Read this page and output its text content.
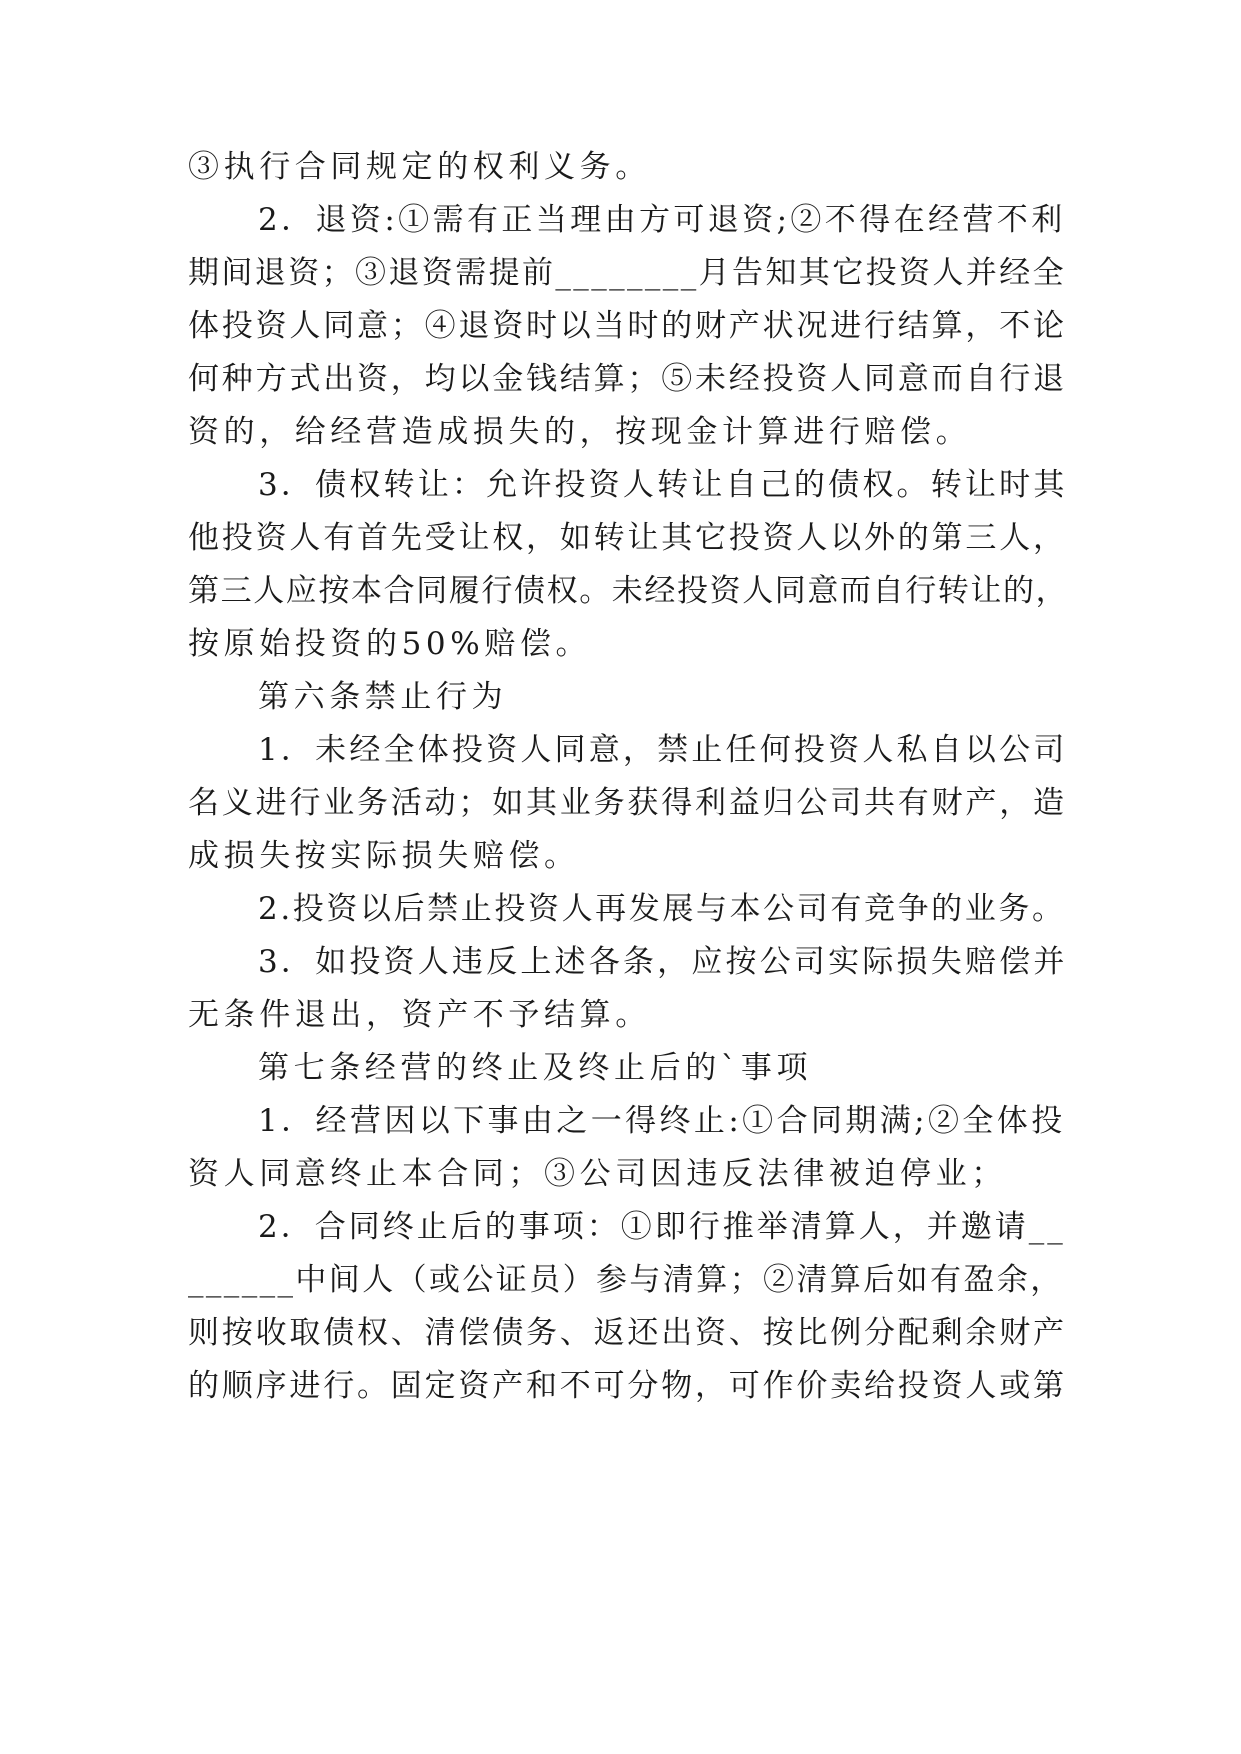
③执行合同规定的权利义务。
2．退资:①需有正当理由方可退资;②不得在经营不利
期间退资；③退资需提前________月告知其它投资人并经全
体投资人同意；④退资时以当时的财产状况进行结算，不论
何种方式出资，均以金钱结算；⑤未经投资人同意而自行退
资的，给经营造成损失的，按现金计算进行赔偿。
3．债权转让：允许投资人转让自己的债权。转让时其
他投资人有首先受让权，如转让其它投资人以外的第三人，
第三人应按本合同履行债权。未经投资人同意而自行转让的，
按原始投资的50%赔偿。
第六条禁止行为
1．未经全体投资人同意，禁止任何投资人私自以公司
名义进行业务活动；如其业务获得利益归公司共有财产，造
成损失按实际损失赔偿。
2.投资以后禁止投资人再发展与本公司有竞争的业务。
3．如投资人违反上述各条，应按公司实际损失赔偿并
无条件退出，资产不予结算。
第七条经营的终止及终止后的`事项
1．经营因以下事由之一得终止:①合同期满;②全体投
资人同意终止本合同；③公司因违反法律被迫停业；
2．合同终止后的事项：①即行推举清算人，并邀请__
______中间人（或公证员）参与清算；②清算后如有盈余，
则按收取债权、清偿债务、返还出资、按比例分配剩余财产
的顺序进行。固定资产和不可分物，可作价卖给投资人或第
